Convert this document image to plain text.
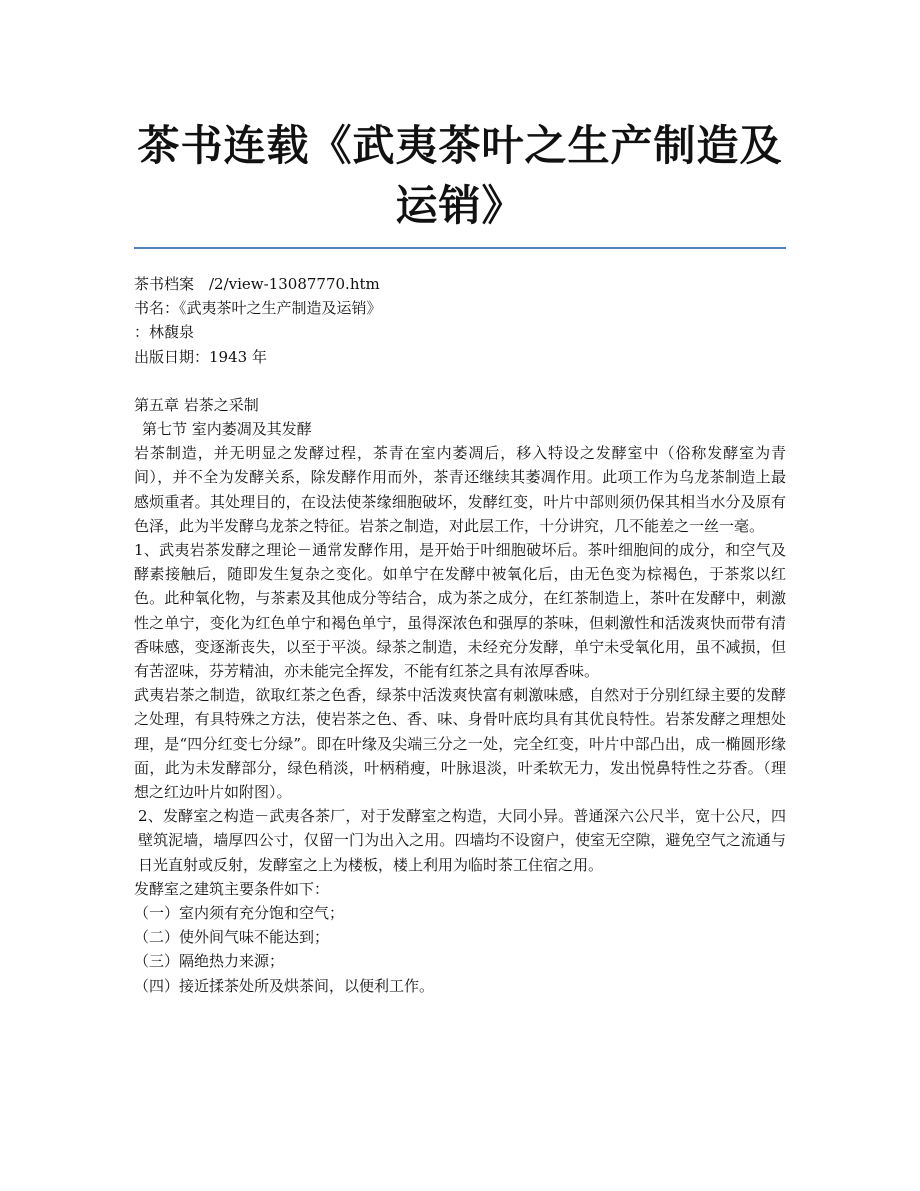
茶书连载《武夷茶叶之生产制造及运销》

茶书档案　/2/view-13087770.htm

书名：《武夷茶叶之生产制造及运销》

：林馥泉

出版日期：1943 年

第五章 岩茶之采制

第七节 室内萎凋及其发酵

岩茶制造，并无明显之发酵过程，茶青在室内萎凋后，移入特设之发酵室中（俗称发酵室为青间），并不全为发酵关系，除发酵作用而外，茶青还继续其萎凋作用。此项工作为乌龙茶制造上最感烦重者。其处理目的，在设法使茶缘细胞破坏，发酵红变，叶片中部则须仍保其相当水分及原有色泽，此为半发酵乌龙茶之特征。岩茶之制造，对此层工作，十分讲究，几不能差之一丝一毫。

1、武夷岩茶发酵之理论－通常发酵作用，是开始于叶细胞破坏后。茶叶细胞间的成分，和空气及酵素接触后，随即发生复杂之变化。如单宁在发酵中被氧化后，由无色变为棕褐色，于茶浆以红色。此种氧化物，与茶素及其他成分等结合，成为茶之成分，在红茶制造上，茶叶在发酵中，刺激性之单宁，变化为红色单宁和褐色单宁，虽得深浓色和强厚的茶味，但刺激性和活泼爽快而带有清香味感，变逐渐丧失，以至于平淡。绿茶之制造，未经充分发酵，单宁未受氧化用，虽不减损，但有苦涩味，芬芳精油，亦未能完全挥发，不能有红茶之具有浓厚香味。

武夷岩茶之制造，欲取红茶之色香，绿茶中活泼爽快富有刺激味感，自然对于分别红绿主要的发酵之处理，有具特殊之方法，使岩茶之色、香、味、身骨叶底均具有其优良特性。岩茶发酵之理想处理，是“四分红变七分绿”。即在叶缘及尖端三分之一处，完全红变，叶片中部凸出，成一椭圆形缘面，此为未发酵部分，绿色稍淡，叶柄稍瘦，叶脉退淡，叶柔软无力，发出悦鼻特性之芬香。（理想之红边叶片如附图）。

2、发酵室之构造－武夷各茶厂，对于发酵室之构造，大同小异。普通深六公尺半，宽十公尺，四壁筑泥墙，墙厚四公寸，仅留一门为出入之用。四墙均不设窗户，使室无空隙，避免空气之流通与日光直射或反射，发酵室之上为楼板，楼上利用为临时茶工住宿之用。

发酵室之建筑主要条件如下：

（一）室内须有充分饱和空气；

（二）使外间气味不能达到；

（三）隔绝热力来源；

（四）接近揉茶处所及烘茶间，以便利工作。
